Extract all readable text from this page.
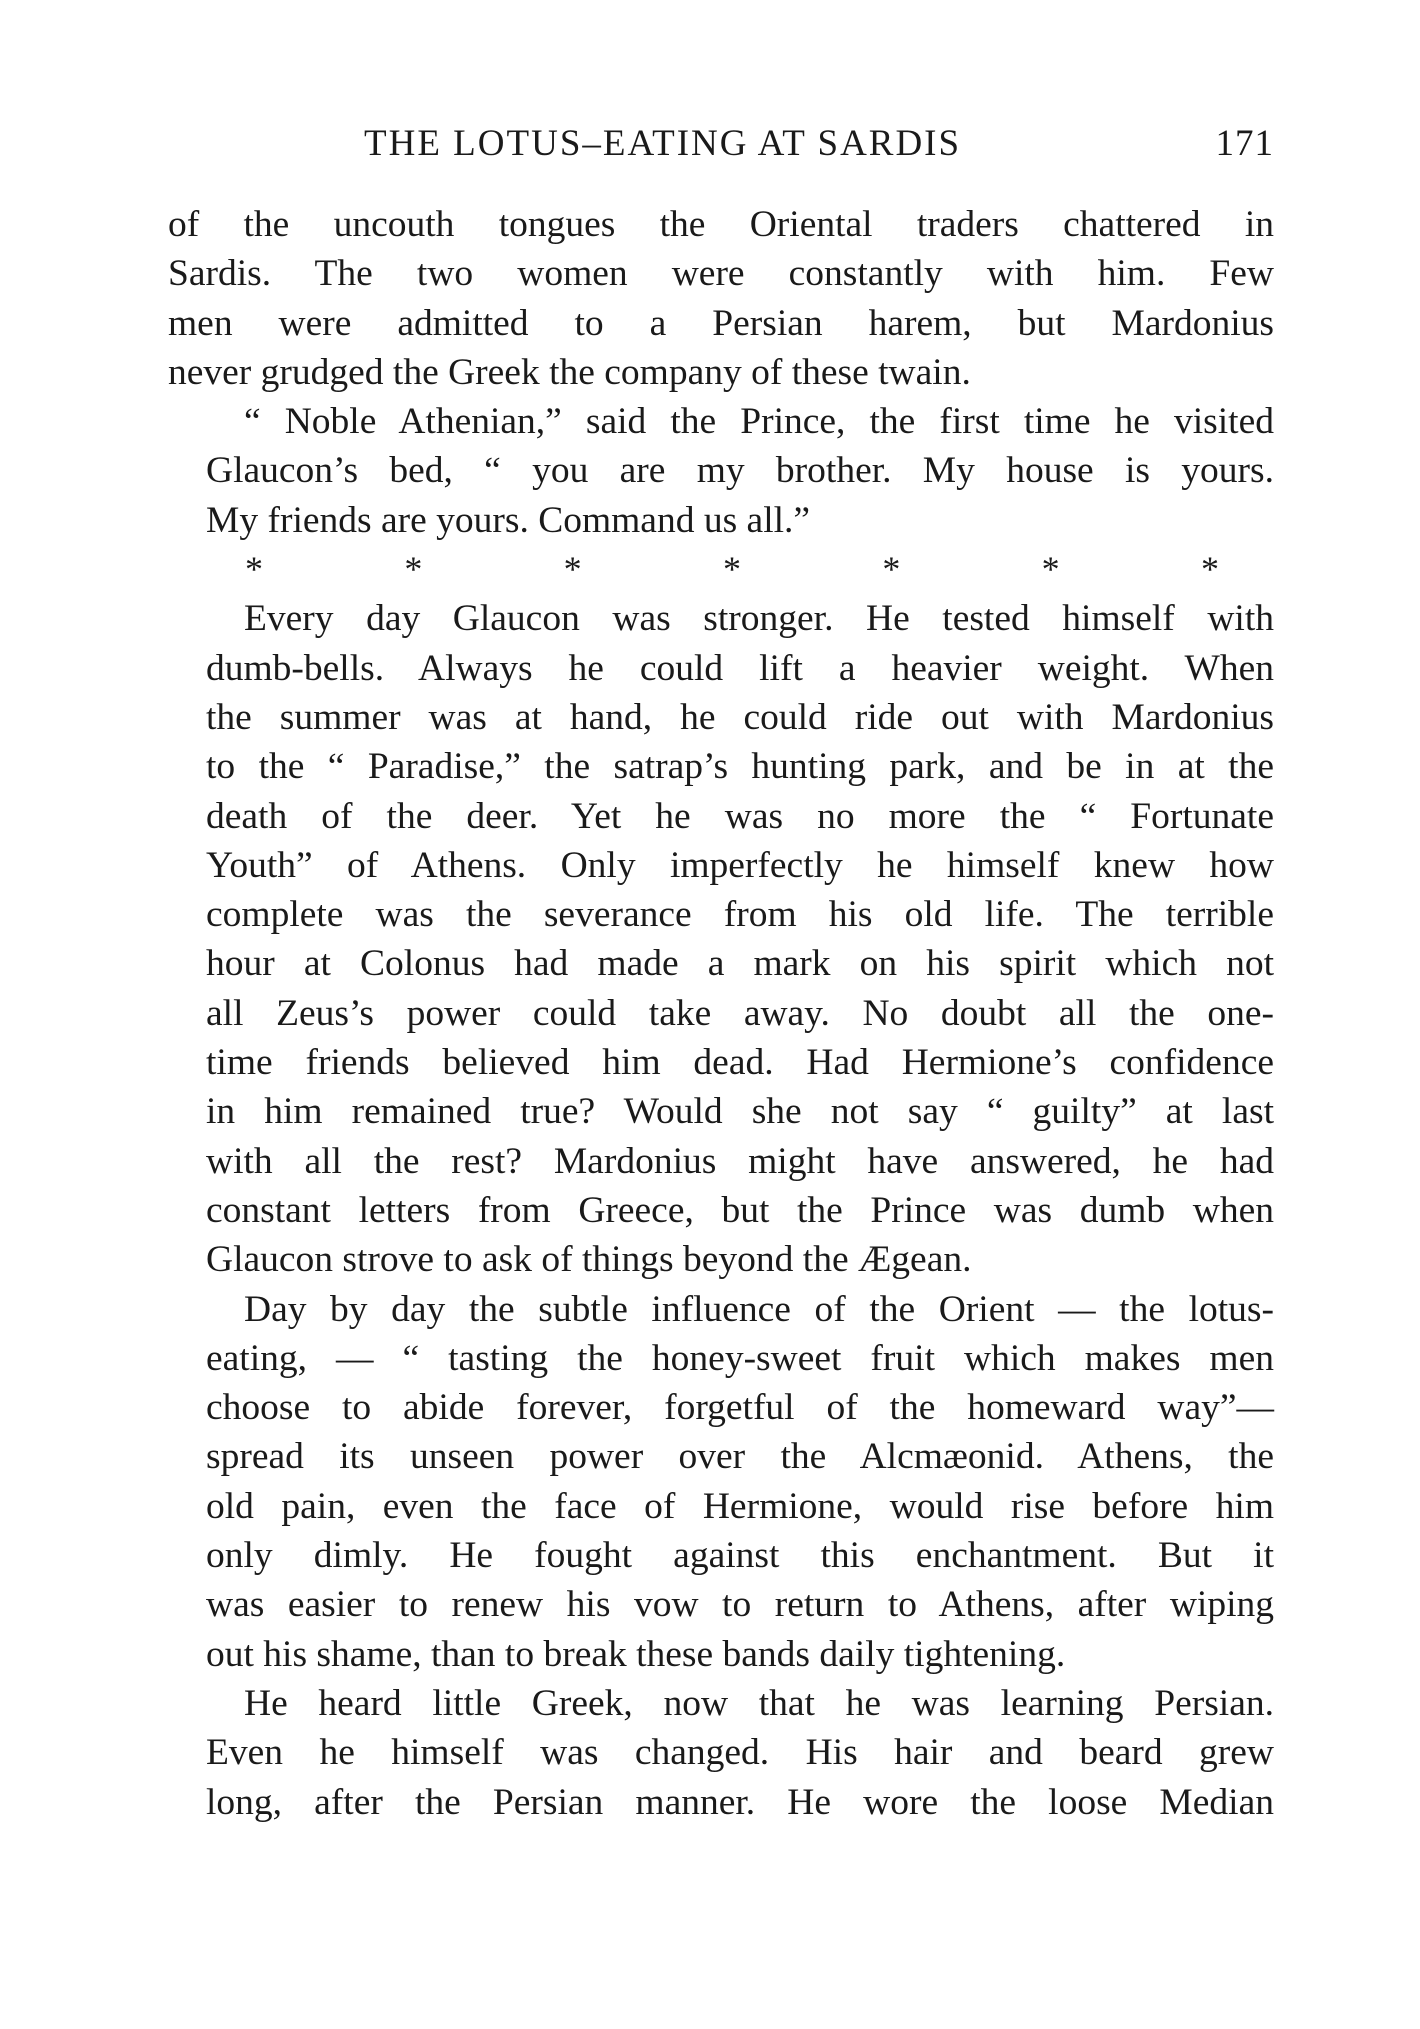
THE LOTUS–EATING AT SARDIS	171

of the uncouth tongues the Oriental traders chattered in
Sardis. The two women were constantly with him. Few
men were admitted to a Persian harem, but Mardonius
never grudged the Greek the company of these twain.

“ Noble Athenian,” said the Prince, the first time he visited
Glaucon’s bed, “ you are my brother. My house is yours.
My friends are yours. Command us all.”

*	*	*	*	*	*	*

Every day Glaucon was stronger. He tested himself with
dumb-bells. Always he could lift a heavier weight. When
the summer was at hand, he could ride out with Mardonius
to the “ Paradise,” the satrap’s hunting park, and be in at the
death of the deer. Yet he was no more the “ Fortunate
Youth” of Athens. Only imperfectly he himself knew how
complete was the severance from his old life. The terrible
hour at Colonus had made a mark on his spirit which not
all Zeus’s power could take away. No doubt all the one-
time friends believed him dead. Had Hermione’s confidence
in him remained true? Would she not say “ guilty” at last
with all the rest? Mardonius might have answered, he had
constant letters from Greece, but the Prince was dumb when
Glaucon strove to ask of things beyond the Ægean.

Day by day the subtle influence of the Orient — the lotus-
eating, — “ tasting the honey-sweet fruit which makes men
choose to abide forever, forgetful of the homeward way”—
spread its unseen power over the Alcmæonid. Athens, the
old pain, even the face of Hermione, would rise before him
only dimly. He fought against this enchantment. But it
was easier to renew his vow to return to Athens, after wiping
out his shame, than to break these bands daily tightening.

He heard little Greek, now that he was learning Persian.
Even he himself was changed. His hair and beard grew
long, after the Persian manner. He wore the loose Median
